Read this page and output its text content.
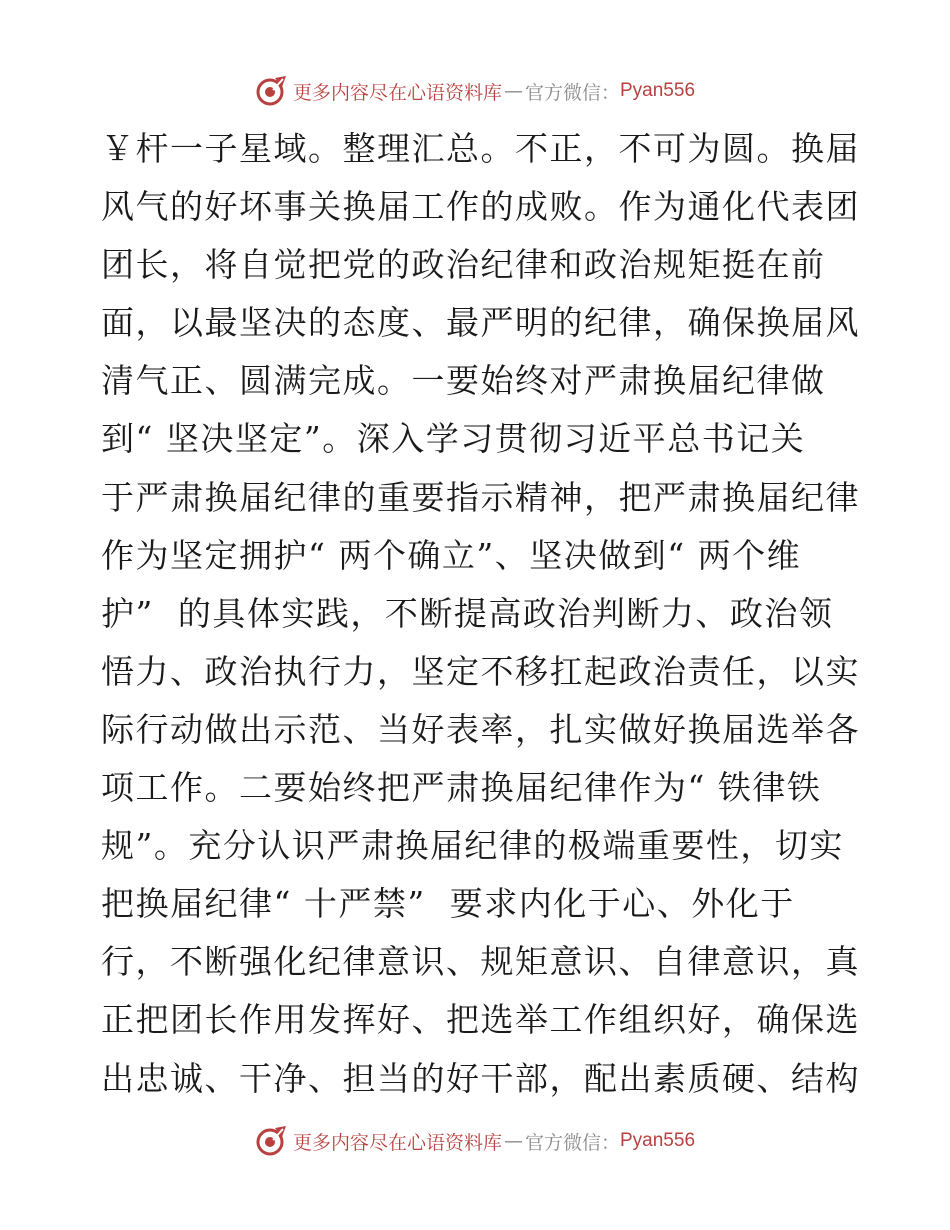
更多内容尽在心语资料库 — 官方微信： Pyan556
￥杆一子星域。整理汇总。不正，不可为圆。换届
风气的好坏事关换届工作的成败。作为通化代表团
团长，将自觉把党的政治纪律和政治规矩挺在前
面，以最坚决的态度、最严明的纪律，确保换届风
清气正、圆满完成。一要始终对严肃换届纪律做
到“ 坚决坚定”。深入学习贯彻习近平总书记关
于严肃换届纪律的重要指示精神，把严肃换届纪律
作为坚定拥护“ 两个确立”、坚决做到“ 两个维
护”  的具体实践，不断提高政治判断力、政治领
悟力、政治执行力，坚定不移扛起政治责任，以实
际行动做出示范、当好表率，扎实做好换届选举各
项工作。二要始终把严肃换届纪律作为“ 铁律铁
规”。充分认识严肃换届纪律的极端重要性，切实
把换届纪律“ 十严禁”  要求内化于心、外化于
行，不断强化纪律意识、规矩意识、自律意识，真
正把团长作用发挥好、把选举工作组织好，确保选
出忠诚、干净、担当的好干部，配出素质硬、结构
更多内容尽在心语资料库 — 官方微信： Pyan556
